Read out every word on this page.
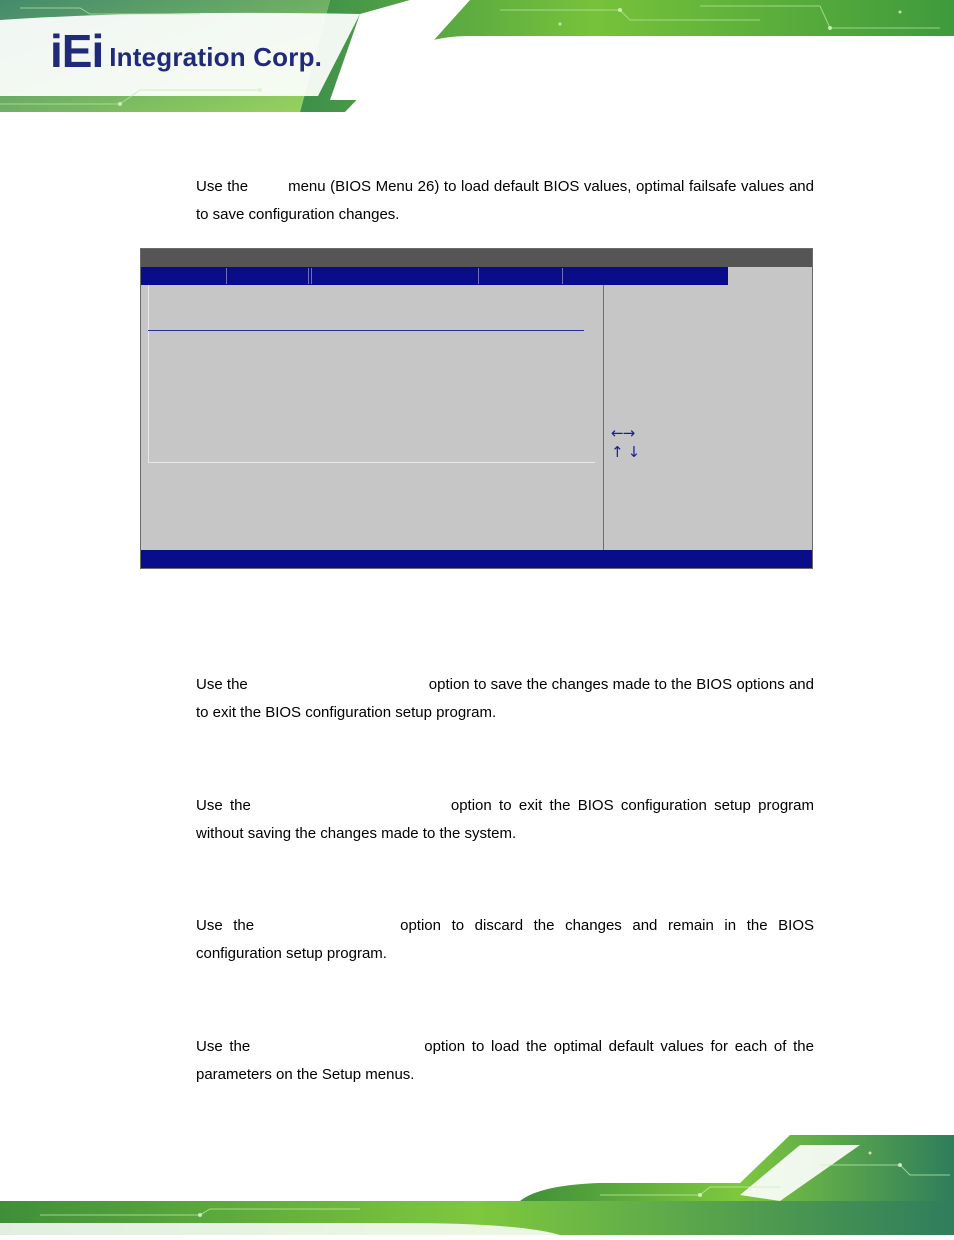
iEi Integration Corp.
Use the	menu (BIOS Menu 26) to load default BIOS values, optimal failsafe values and to save configuration changes.
←→
↑↓
Use the	option to save the changes made to the BIOS options and to exit the BIOS configuration setup program.
Use the	option to exit the BIOS configuration setup program without saving the changes made to the system.
Use the	option to discard the changes and remain in the BIOS configuration setup program.
Use the	option to load the optimal default values for each of the parameters on the Setup menus.
